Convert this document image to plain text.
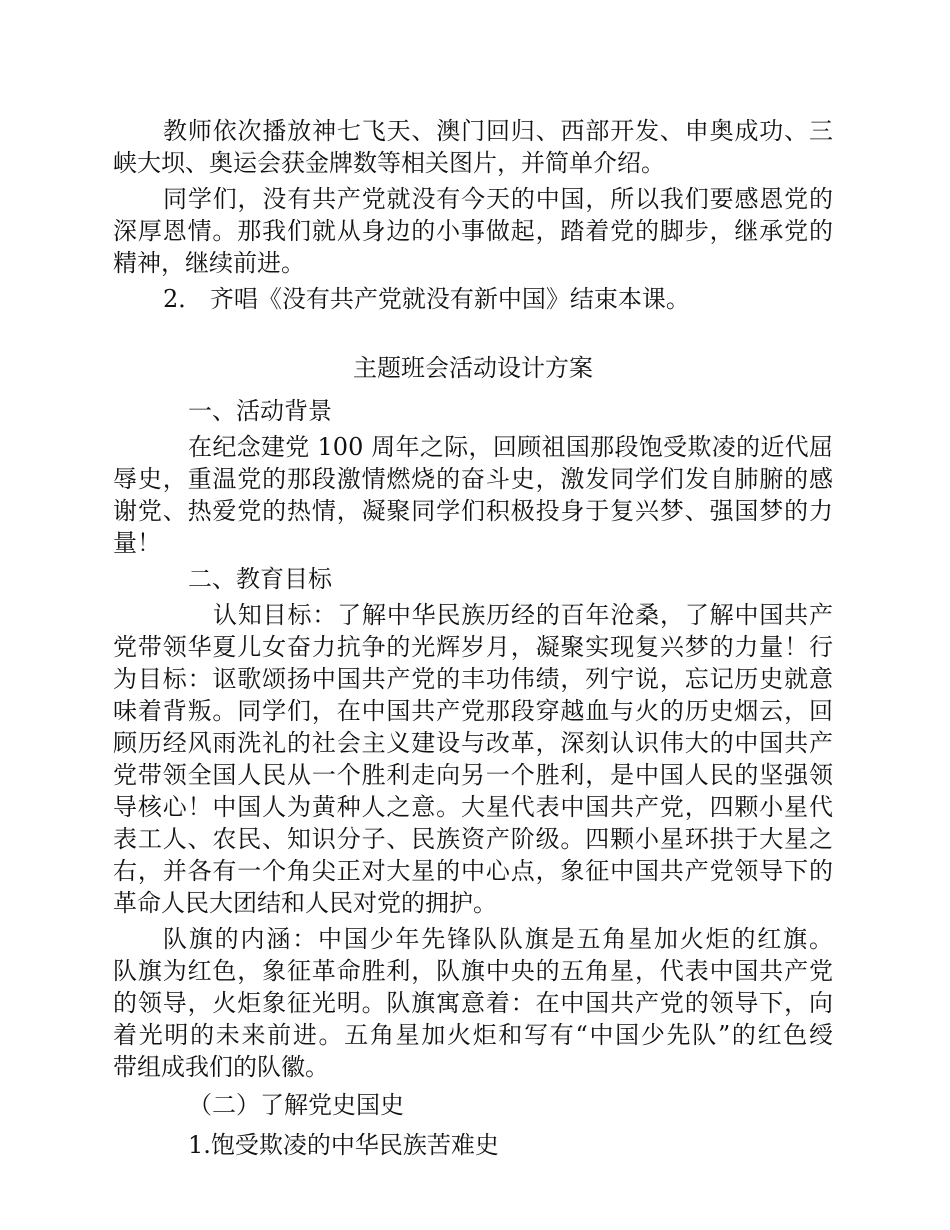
教师依次播放神七飞天、澳门回归、西部开发、申奥成功、三
峡大坝、奥运会获金牌数等相关图片，并简单介绍。
同学们，没有共产党就没有今天的中国，所以我们要感恩党的
深厚恩情。那我们就从身边的小事做起，踏着党的脚步，继承党的
精神，继续前进。
2． 齐唱《没有共产党就没有新中国》结束本课。
主题班会活动设计方案
一、活动背景
在纪念建党 100 周年之际，回顾祖国那段饱受欺凌的近代屈
辱史，重温党的那段激情燃烧的奋斗史，激发同学们发自肺腑的感
谢党、热爱党的热情，凝聚同学们积极投身于复兴梦、强国梦的力
量！
二、教育目标
认知目标：了解中华民族历经的百年沧桑，了解中国共产
党带领华夏儿女奋力抗争的光辉岁月，凝聚实现复兴梦的力量！行
为目标：讴歌颂扬中国共产党的丰功伟绩，列宁说，忘记历史就意
味着背叛。同学们，在中国共产党那段穿越血与火的历史烟云，回
顾历经风雨洗礼的社会主义建设与改革，深刻认识伟大的中国共产
党带领全国人民从一个胜利走向另一个胜利，是中国人民的坚强领
导核心！中国人为黄种人之意。大星代表中国共产党，四颗小星代
表工人、农民、知识分子、民族资产阶级。四颗小星环拱于大星之
右，并各有一个角尖正对大星的中心点，象征中国共产党领导下的
革命人民大团结和人民对党的拥护。
队旗的内涵：中国少年先锋队队旗是五角星加火炬的红旗。
队旗为红色，象征革命胜利，队旗中央的五角星，代表中国共产党
的领导，火炬象征光明。队旗寓意着：在中国共产党的领导下，向
着光明的未来前进。五角星加火炬和写有“中国少先队”的红色绶
带组成我们的队徽。
（二）了解党史国史
1.饱受欺凌的中华民族苦难史
